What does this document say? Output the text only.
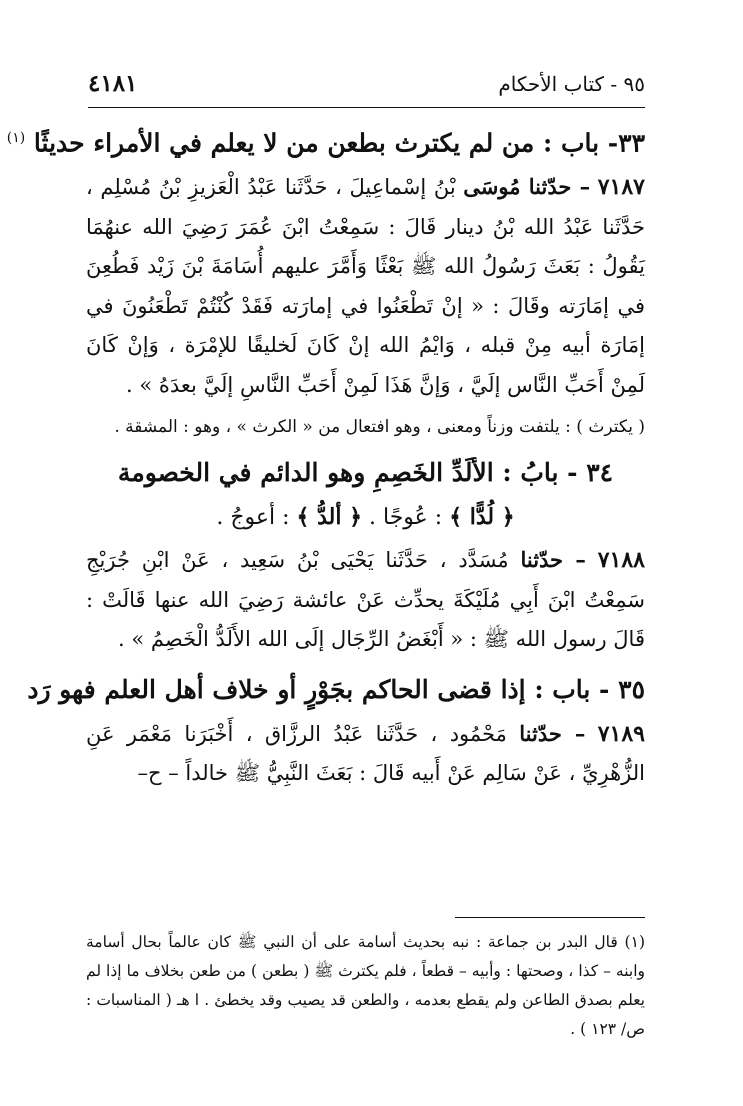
٩٥ - كتاب الأحكام
٤١٨١
٣٣- باب : من لم يكترث بطعن من لا يعلم في الأمراء حديثًا $^{(١)}$
٧١٨٧ – حدّثنا مُوسَى بْنُ إسْماعِيلَ ، حَدَّثَنا عَبْدُ الْعَزيزِ بْنُ مُسْلِم ، حَدَّثَنا عَبْدُ الله بْنُ دينار قَالَ : سَمِعْتُ ابْنَ عُمَرَ رَضِيَ الله عنهُمَا يَقُولُ : بَعَثَ رَسُولُ الله ﷺ بَعْثًا وَأَمَّرَ عليهم أُسَامَةَ بْنَ زَيْد فَطُعِنَ في إمَارَته وقَالَ : « إنْ تَطْعَنُوا في إمارَته فَقَدْ كُنْتُمْ تَطْعَنُونَ في إمَارَة أبيه مِنْ قبله ، وَايْمُ الله إنْ كَانَ لَخليقًا للإمْرَة ، وَإنْ كَانَ لَمِنْ أَحَبِّ النَّاس إلَيَّ ، وَإنَّ هَذَا لَمِنْ أَحَبِّ النَّاسِ إلَيَّ بعدَهُ » .
( يكترث ) : يلتفت وزناً ومعنى ، وهو افتعال من « الكرث » ، وهو : المشقة .
٣٤ - بابُ : الألَدِّ الخَصِمِ وهو الدائم في الخصومة
﴿ لُدًّا ﴾ : عُوجًا . ﴿ ألدُّ ﴾ : أعوجُ .
٧١٨٨ – حدّثنا مُسَدَّد ، حَدَّثَنا يَحْيَى بْنُ سَعِيد ، عَنْ ابْنِ جُرَيْجِ سَمِعْتُ ابْنَ أَبِي مُلَيْكَةَ يحدِّث عَنْ عائشة رَضِيَ الله عنها قَالَتْ : قَالَ رسول الله ﷺ : « أَبْغَضُ الرِّجَال إلَى الله الأَلَدُّ الْخَصِمُ » .
٣٥ - باب : إذا قضى الحاكم بجَوْرٍ أو خلاف أهل العلم فهو رَد
٧١٨٩ – حدّثنا مَحْمُود ، حَدَّثَنا عَبْدُ الرزَّاق ، أَخْبَرَنا مَعْمَر عَنِ الزُّهْرِيِّ ، عَنْ سَالِم عَنْ أَبيه قَالَ : بَعَثَ النَّبِيُّ ﷺ خالداً – ح–
(١) قال البدر بن جماعة : نبه بحديث أسامة على أن النبي ﷺ كان عالماً بحال أسامة وابنه – كذا ، وصحتها : وأبيه – قطعاً ، فلم يكترث ﷺ ( بطعن ) من طعن بخلاف ما إذا لم يعلم بصدق الطاعن ولم يقطع بعدمه ، والطعن قد يصيب وقد يخطئ . ا هـ ( المناسبات : ص/ ١٢٣ ) .
